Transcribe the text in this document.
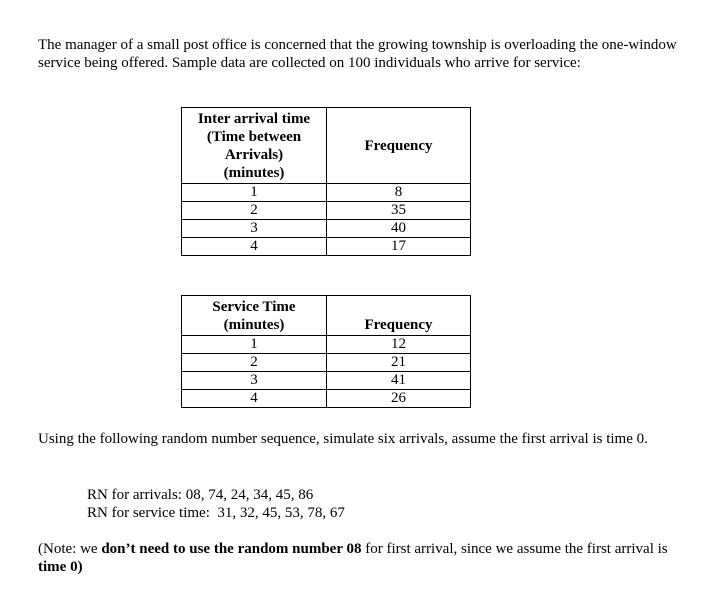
The manager of a small post office is concerned that the growing township is overloading the one-window service being offered. Sample data are collected on 100 individuals who arrive for service:

Inter arrival time
(Time between
Arrivals)
(minutes)	Frequency
1	8
2	35
3	40
4	17
Service Time
(minutes)	Frequency
1	12
2	21
3	41
4	26

Using the following random number sequence, simulate six arrivals, assume the first arrival is time 0.

RN for arrivals: 08, 74, 24, 34, 45, 86
RN for service time:  31, 32, 45, 53, 78, 67

(Note: we don’t need to use the random number 08 for first arrival, since we assume the first arrival is time 0)
